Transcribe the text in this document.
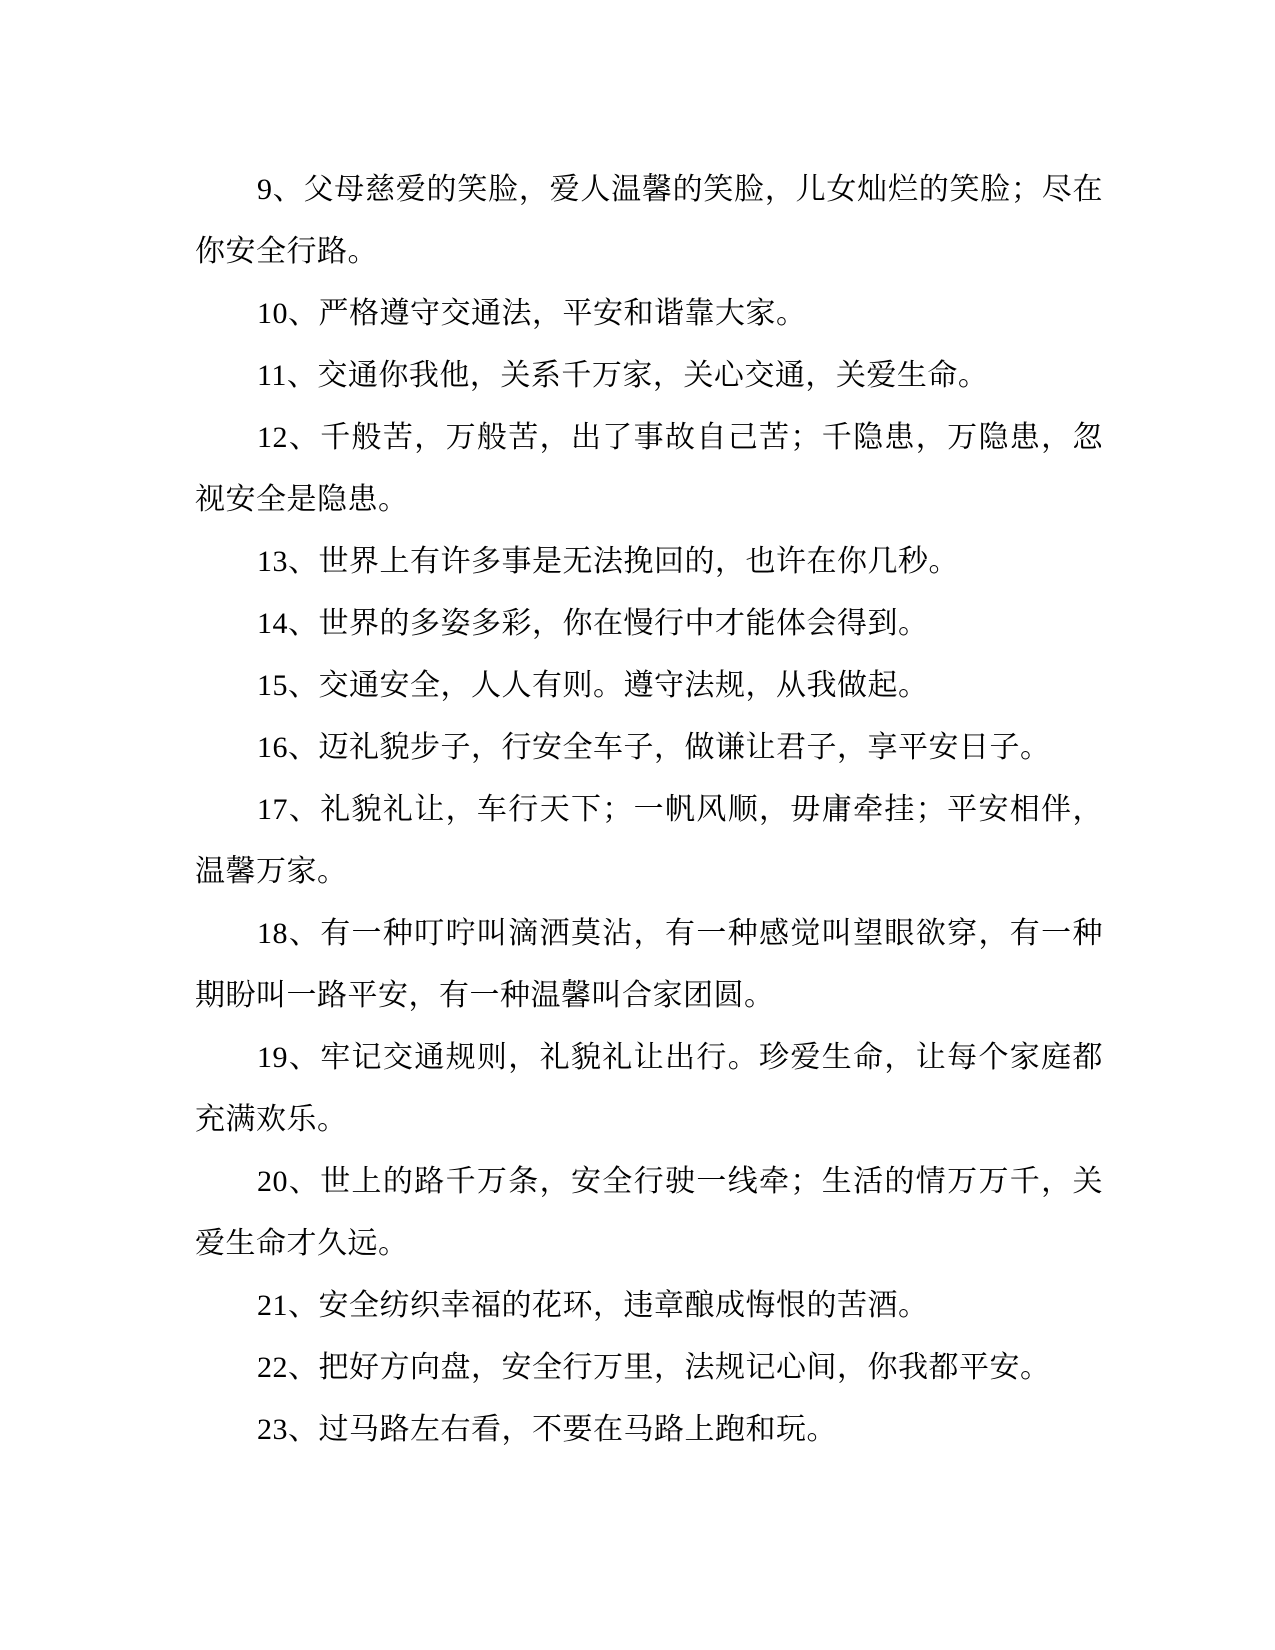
9、父母慈爱的笑脸，爱人温馨的笑脸，儿女灿烂的笑脸；尽在你安全行路。

10、严格遵守交通法，平安和谐靠大家。

11、交通你我他，关系千万家，关心交通，关爱生命。

12、千般苦，万般苦，出了事故自己苦；千隐患，万隐患，忽视安全是隐患。

13、世界上有许多事是无法挽回的，也许在你几秒。

14、世界的多姿多彩，你在慢行中才能体会得到。

15、交通安全，人人有则。遵守法规，从我做起。

16、迈礼貌步子，行安全车子，做谦让君子，享平安日子。

17、礼貌礼让，车行天下；一帆风顺，毋庸牵挂；平安相伴，温馨万家。

18、有一种叮咛叫滴洒莫沾，有一种感觉叫望眼欲穿，有一种期盼叫一路平安，有一种温馨叫合家团圆。

19、牢记交通规则，礼貌礼让出行。珍爱生命，让每个家庭都充满欢乐。

20、世上的路千万条，安全行驶一线牵；生活的情万万千，关爱生命才久远。

21、安全纺织幸福的花环，违章酿成悔恨的苦酒。

22、把好方向盘，安全行万里，法规记心间，你我都平安。

23、过马路左右看，不要在马路上跑和玩。
